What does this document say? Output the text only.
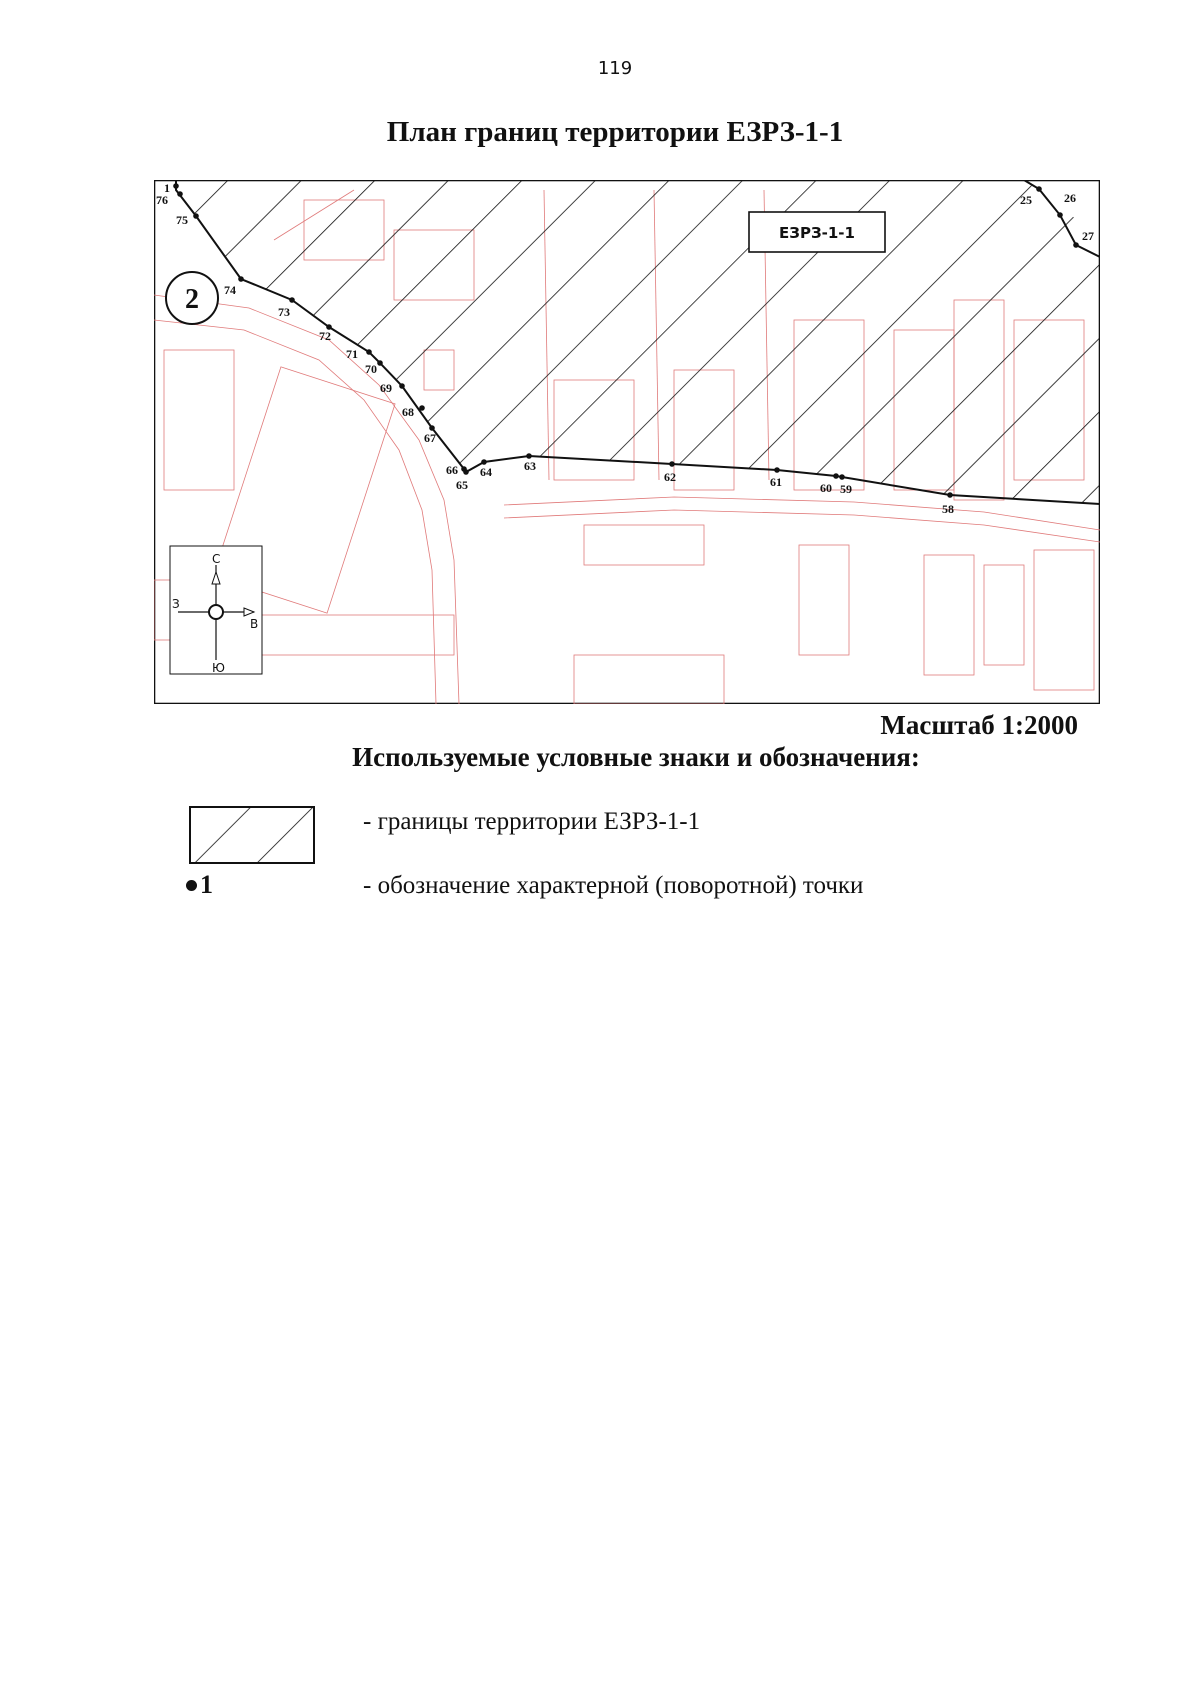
119
План границ территории ЕЗРЗ-1-1
1
76
75
74
73
72
71
70
69
68
67
66
65
64	63
62	61	60 59
58
25	26
27
ЕЗРЗ-1-1
2
С
Ю
З
В
Масштаб 1:2000
Используемые условные знаки и обозначения:
- границы территории ЕЗРЗ-1-1
1	- обозначение характерной (поворотной) точки
